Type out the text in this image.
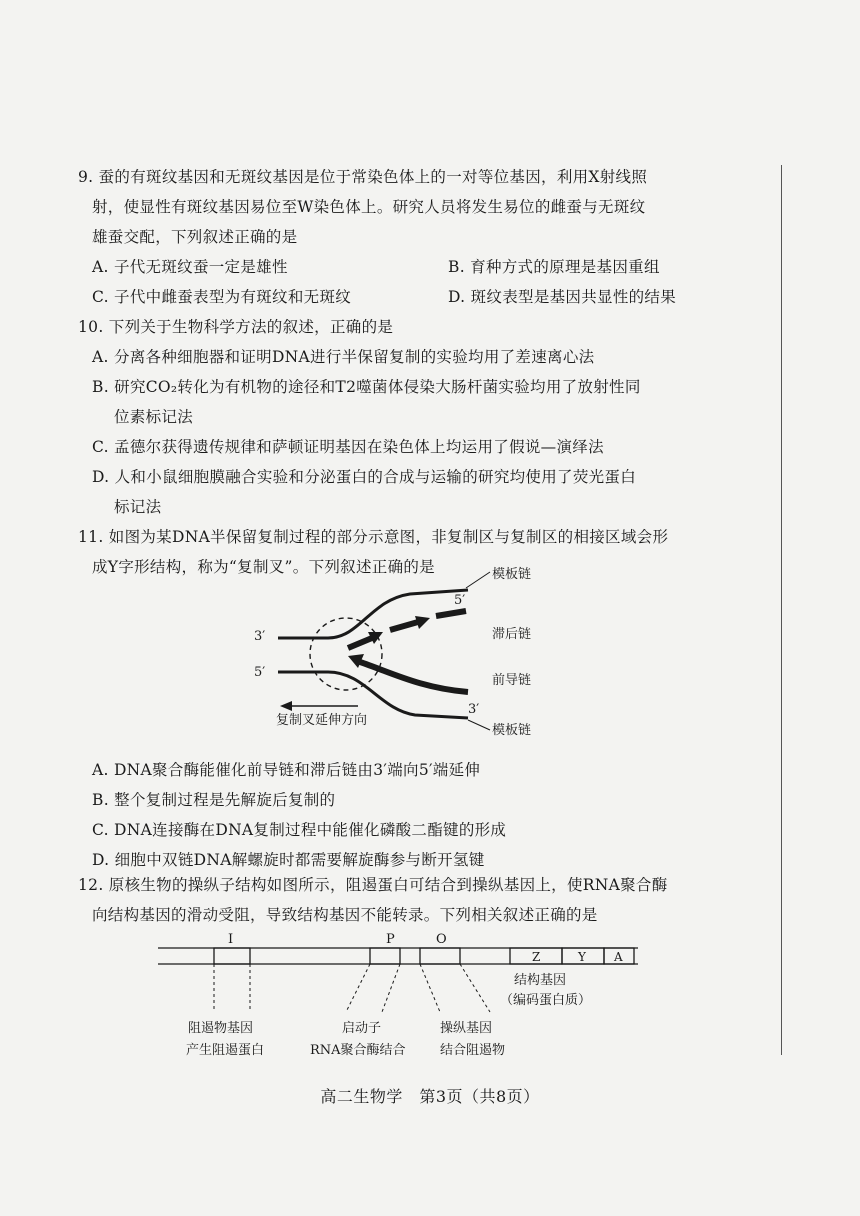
9. 蚕的有斑纹基因和无斑纹基因是位于常染色体上的一对等位基因，利用X射线照

射，使显性有斑纹基因易位至W染色体上。研究人员将发生易位的雌蚕与无斑纹

雄蚕交配，下列叙述正确的是

A. 子代无斑纹蚕一定是雄性	B. 育种方式的原理是基因重组
C. 子代中雌蚕表型为有斑纹和无斑纹	D. 斑纹表型是基因共显性的结果

10. 下列关于生物科学方法的叙述，正确的是

A. 分离各种细胞器和证明DNA进行半保留复制的实验均用了差速离心法

B. 研究CO₂转化为有机物的途径和T2噬菌体侵染大肠杆菌实验均用了放射性同

位素标记法

C. 孟德尔获得遗传规律和萨顿证明基因在染色体上均运用了假说—演绎法

D. 人和小鼠细胞膜融合实验和分泌蛋白的合成与运输的研究均使用了荧光蛋白

标记法

11. 如图为某DNA半保留复制过程的部分示意图，非复制区与复制区的相接区域会形

成Y字形结构，称为“复制叉”。下列叙述正确的是	模板链
5′
滞后链
3′
5′
前导链
3′
模板链
复制叉延伸方向

A. DNA聚合酶能催化前导链和滞后链由3′端向5′端延伸

B. 整个复制过程是先解旋后复制的

C. DNA连接酶在DNA复制过程中能催化磷酸二酯键的形成

D. 细胞中双链DNA解螺旋时都需要解旋酶参与断开氢键

12. 原核生物的操纵子结构如图所示，阻遏蛋白可结合到操纵基因上，使RNA聚合酶

向结构基因的滑动受阻，导致结构基因不能转录。下列相关叙述正确的是

I	P	O
Z	Y A
结构基因
（编码蛋白质）
阻遏物基因
产生阻遏蛋白
启动子
RNA聚合酶结合
操纵基因
结合阻遏物
高二生物学　第3页（共8页）
